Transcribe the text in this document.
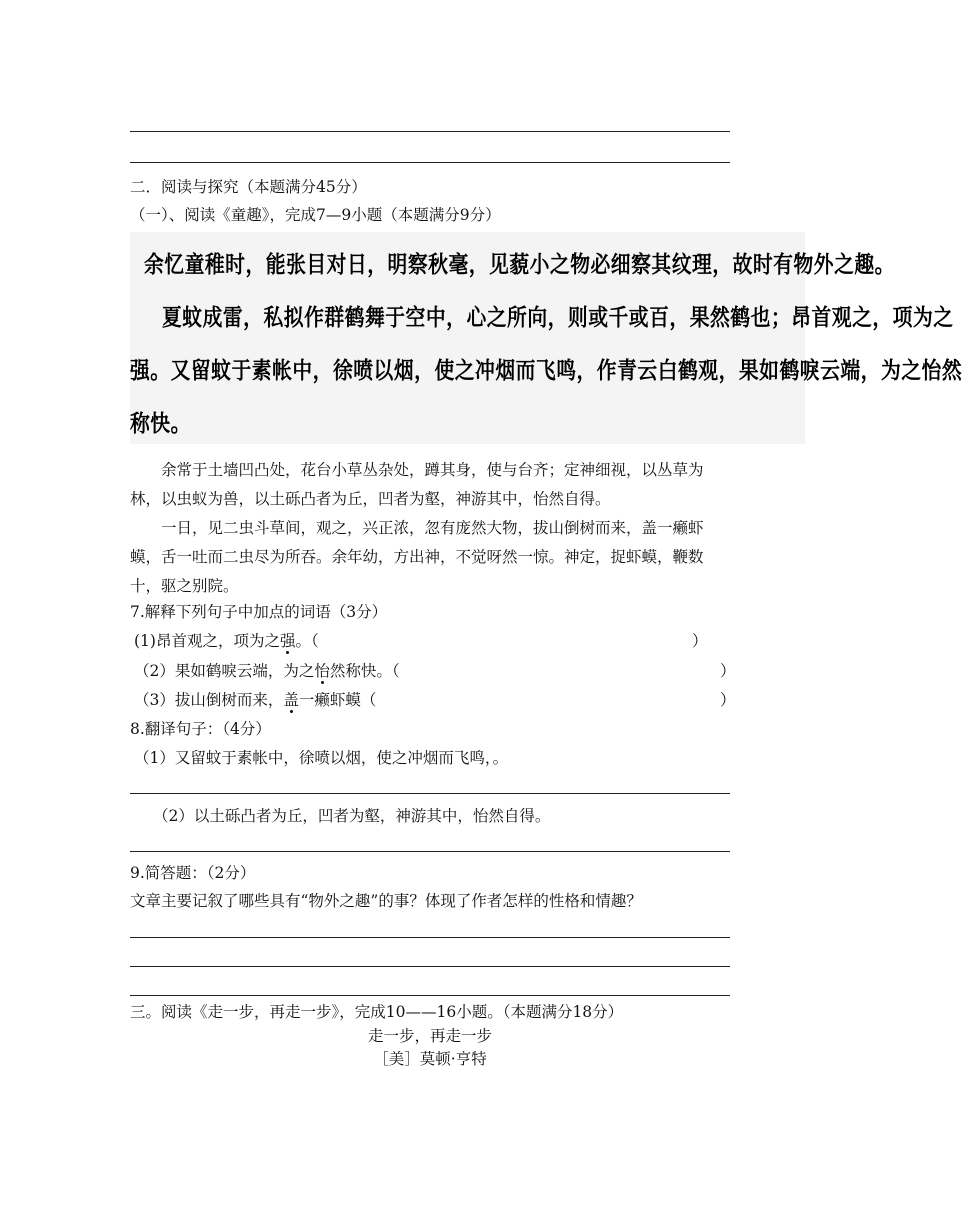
二．阅读与探究（本题满分45分）
（一）、阅读《童趣》，完成7—9小题（本题满分9分）
余忆童稚时，能张目对日，明察秋毫，见藐小之物必细察其纹理，故时有物外之趣。
夏蚊成雷，私拟作群鹤舞于空中，心之所向，则或千或百，果然鹤也；昂首观之，项为之
强。又留蚊于素帐中，徐喷以烟，使之冲烟而飞鸣，作青云白鹤观，果如鹤唳云端，为之怡然
称快。
余常于土墙凹凸处，花台小草丛杂处，蹲其身，使与台齐；定神细视，以丛草为林，以虫蚁为兽，以土砾凸者为丘，凹者为壑，神游其中，怡然自得。
一日，见二虫斗草间，观之，兴正浓，忽有庞然大物，拔山倒树而来，盖一癞虾蟆，舌一吐而二虫尽为所吞。余年幼，方出神，不觉呀然一惊。神定，捉虾蟆，鞭数十，驱之别院。
7.解释下列句子中加点的词语（3分）
(1)昂首观之，项为之强。（	）
（2）果如鹤唳云端，为之怡然称快。（	）
（3）拔山倒树而来，盖一癞虾蟆（	）
8.翻译句子：（4分）
（1）又留蚊于素帐中，徐喷以烟，使之冲烟而飞鸣，。
（2）以土砾凸者为丘，凹者为壑，神游其中，怡然自得。
9.简答题：（2分）
文章主要记叙了哪些具有“物外之趣”的事？体现了作者怎样的性格和情趣？
三。阅读《走一步，再走一步》，完成10——16小题。（本题满分18分）
走一步，再走一步
［美］莫顿·亨特
